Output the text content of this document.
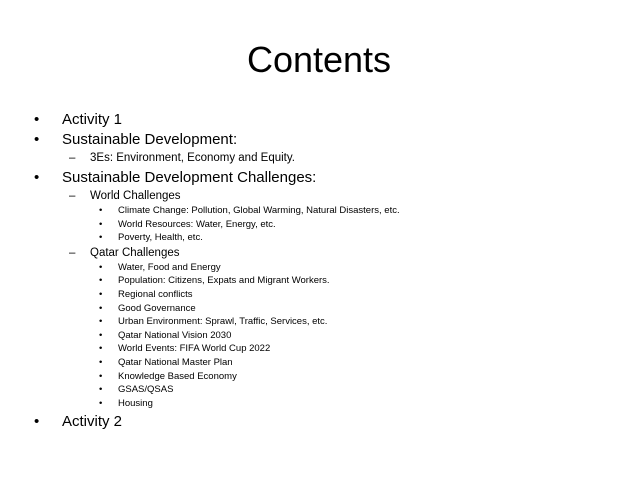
Contents
• Activity 1
• Sustainable Development:
– 3Es: Environment, Economy and Equity.
• Sustainable Development Challenges:
– World Challenges
• Climate Change: Pollution, Global Warming, Natural Disasters, etc.
• World Resources: Water, Energy, etc.
• Poverty, Health, etc.
– Qatar Challenges
• Water, Food and Energy
• Population: Citizens, Expats and Migrant Workers.
• Regional conflicts
• Good Governance
• Urban Environment: Sprawl, Traffic, Services, etc.
• Qatar National Vision 2030
• World Events: FIFA World Cup 2022
• Qatar National Master Plan
• Knowledge Based Economy
• GSAS/QSAS
• Housing
• Activity 2
